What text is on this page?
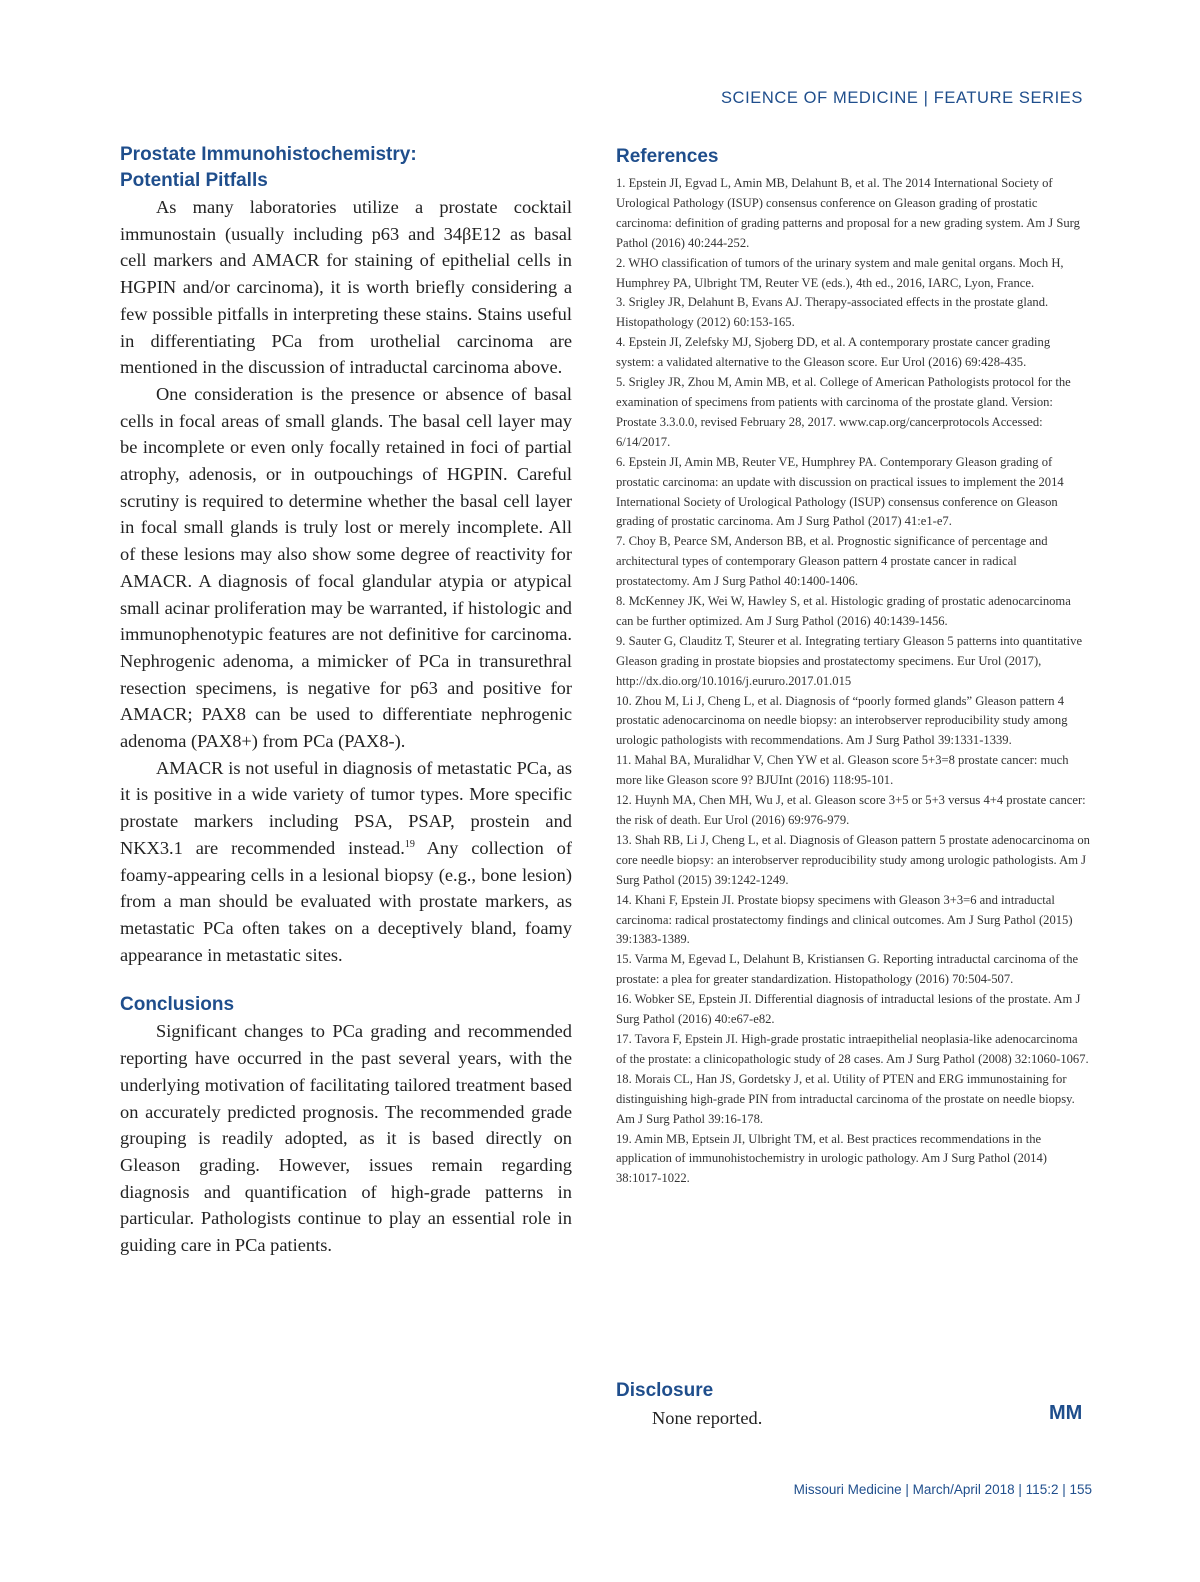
SCIENCE OF MEDICINE | FEATURE SERIES
Prostate Immunohistochemistry:
Potential Pitfalls

As many laboratories utilize a prostate cocktail immunostain (usually including p63 and 34βE12 as basal cell markers and AMACR for staining of epithelial cells in HGPIN and/or carcinoma), it is worth briefly considering a few possible pitfalls in interpreting these stains. Stains useful in differentiating PCa from urothelial carcinoma are mentioned in the discussion of intraductal carcinoma above.

One consideration is the presence or absence of basal cells in focal areas of small glands. The basal cell layer may be incomplete or even only focally retained in foci of partial atrophy, adenosis, or in outpouchings of HGPIN. Careful scrutiny is required to determine whether the basal cell layer in focal small glands is truly lost or merely incomplete. All of these lesions may also show some degree of reactivity for AMACR. A diagnosis of focal glandular atypia or atypical small acinar proliferation may be warranted, if histologic and immunophenotypic features are not definitive for carcinoma. Nephrogenic adenoma, a mimicker of PCa in transurethral resection specimens, is negative for p63 and positive for AMACR; PAX8 can be used to differentiate nephrogenic adenoma (PAX8+) from PCa (PAX8-).

AMACR is not useful in diagnosis of metastatic PCa, as it is positive in a wide variety of tumor types. More specific prostate markers including PSA, PSAP, prostein and NKX3.1 are recommended instead.$^{19}$ Any collection of foamy-appearing cells in a lesional biopsy (e.g., bone lesion) from a man should be evaluated with prostate markers, as metastatic PCa often takes on a deceptively bland, foamy appearance in metastatic sites.

Conclusions

Significant changes to PCa grading and recommended reporting have occurred in the past several years, with the underlying motivation of facilitating tailored treatment based on accurately predicted prognosis. The recommended grade grouping is readily adopted, as it is based directly on Gleason grading. However, issues remain regarding diagnosis and quantification of high-grade patterns in particular. Pathologists continue to play an essential role in guiding care in PCa patients.

References
1. Epstein JI, Egvad L, Amin MB, Delahunt B, et al. The 2014 International Society of Urological Pathology (ISUP) consensus conference on Gleason grading of prostatic carcinoma: definition of grading patterns and proposal for a new grading system. Am J Surg Pathol (2016) 40:244-252.
2. WHO classification of tumors of the urinary system and male genital organs. Moch H, Humphrey PA, Ulbright TM, Reuter VE (eds.), 4th ed., 2016, IARC, Lyon, France.
3. Srigley JR, Delahunt B, Evans AJ. Therapy-associated effects in the prostate gland. Histopathology (2012) 60:153-165.
4. Epstein JI, Zelefsky MJ, Sjoberg DD, et al. A contemporary prostate cancer grading system: a validated alternative to the Gleason score. Eur Urol (2016) 69:428-435.
5. Srigley JR, Zhou M, Amin MB, et al. College of American Pathologists protocol for the examination of specimens from patients with carcinoma of the prostate gland. Version: Prostate 3.3.0.0, revised February 28, 2017. www.cap.org/cancerprotocols Accessed: 6/14/2017.
6. Epstein JI, Amin MB, Reuter VE, Humphrey PA. Contemporary Gleason grading of prostatic carcinoma: an update with discussion on practical issues to implement the 2014 International Society of Urological Pathology (ISUP) consensus conference on Gleason grading of prostatic carcinoma. Am J Surg Pathol (2017) 41:e1-e7.
7. Choy B, Pearce SM, Anderson BB, et al. Prognostic significance of percentage and architectural types of contemporary Gleason pattern 4 prostate cancer in radical prostatectomy. Am J Surg Pathol 40:1400-1406.
8. McKenney JK, Wei W, Hawley S, et al. Histologic grading of prostatic adenocarcinoma can be further optimized. Am J Surg Pathol (2016) 40:1439-1456.
9. Sauter G, Clauditz T, Steurer et al. Integrating tertiary Gleason 5 patterns into quantitative Gleason grading in prostate biopsies and prostatectomy specimens. Eur Urol (2017), http://dx.dio.org/10.1016/j.eururo.2017.01.015
10. Zhou M, Li J, Cheng L, et al. Diagnosis of “poorly formed glands” Gleason pattern 4 prostatic adenocarcinoma on needle biopsy: an interobserver reproducibility study among urologic pathologists with recommendations. Am J Surg Pathol 39:1331-1339.
11. Mahal BA, Muralidhar V, Chen YW et al. Gleason score 5+3=8 prostate cancer: much more like Gleason score 9? BJUInt (2016) 118:95-101.
12. Huynh MA, Chen MH, Wu J, et al. Gleason score 3+5 or 5+3 versus 4+4 prostate cancer: the risk of death. Eur Urol (2016) 69:976-979.
13. Shah RB, Li J, Cheng L, et al. Diagnosis of Gleason pattern 5 prostate adenocarcinoma on core needle biopsy: an interobserver reproducibility study among urologic pathologists. Am J Surg Pathol (2015) 39:1242-1249.
14. Khani F, Epstein JI. Prostate biopsy specimens with Gleason 3+3=6 and intraductal carcinoma: radical prostatectomy findings and clinical outcomes. Am J Surg Pathol (2015) 39:1383-1389.
15. Varma M, Egevad L, Delahunt B, Kristiansen G. Reporting intraductal carcinoma of the prostate: a plea for greater standardization. Histopathology (2016) 70:504-507.
16. Wobker SE, Epstein JI. Differential diagnosis of intraductal lesions of the prostate. Am J Surg Pathol (2016) 40:e67-e82.
17. Tavora F, Epstein JI. High-grade prostatic intraepithelial neoplasia-like adenocarcinoma of the prostate: a clinicopathologic study of 28 cases. Am J Surg Pathol (2008) 32:1060-1067.
18. Morais CL, Han JS, Gordetsky J, et al. Utility of PTEN and ERG immunostaining for distinguishing high-grade PIN from intraductal carcinoma of the prostate on needle biopsy. Am J Surg Pathol 39:16-178.
19. Amin MB, Eptsein JI, Ulbright TM, et al. Best practices recommendations in the application of immunohistochemistry in urologic pathology. Am J Surg Pathol (2014) 38:1017-1022.
Disclosure

None reported.	MM
Missouri Medicine | March/April 2018 | 115:2 | 155
